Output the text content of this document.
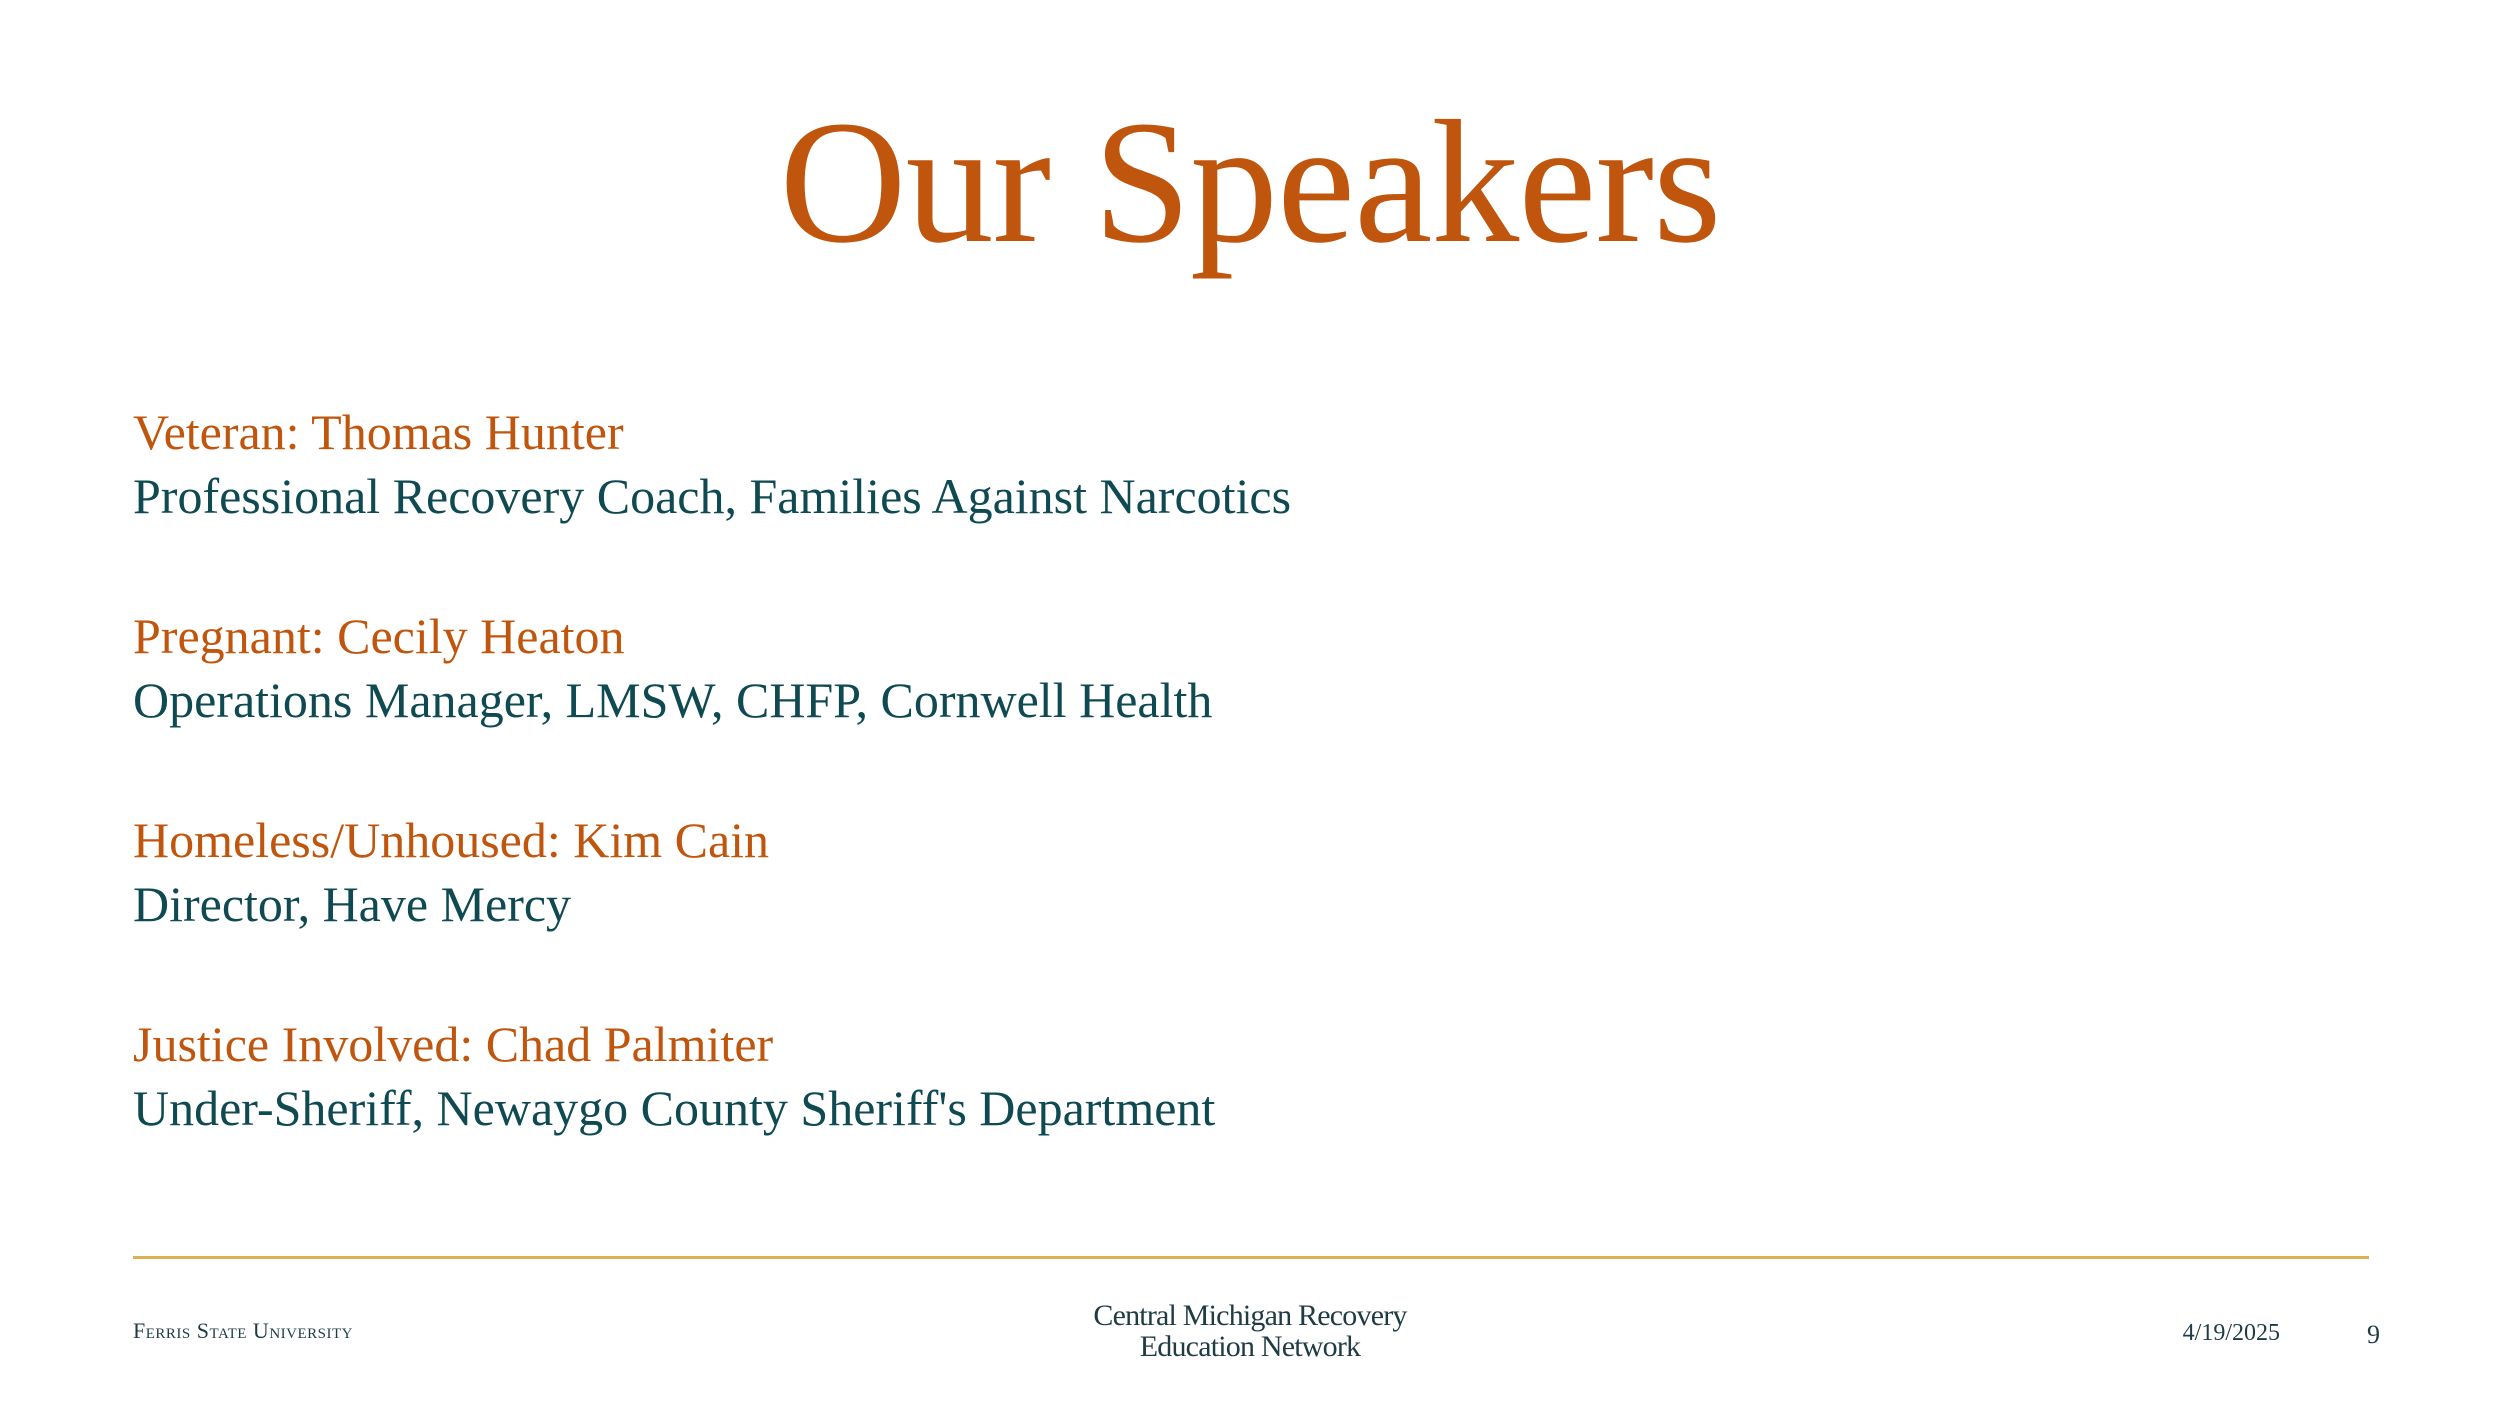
Our Speakers
Veteran: Thomas Hunter
Professional Recovery Coach, Families Against Narcotics
Pregnant: Cecily Heaton
Operations Manager, LMSW, CHFP, Cornwell Health
Homeless/Unhoused: Kim Cain
Director, Have Mercy
Justice Involved: Chad Palmiter
Under-Sheriff, Newaygo County Sheriff's Department
Ferris State University	Central Michigan Recovery
Education Network	4/19/2025	9
